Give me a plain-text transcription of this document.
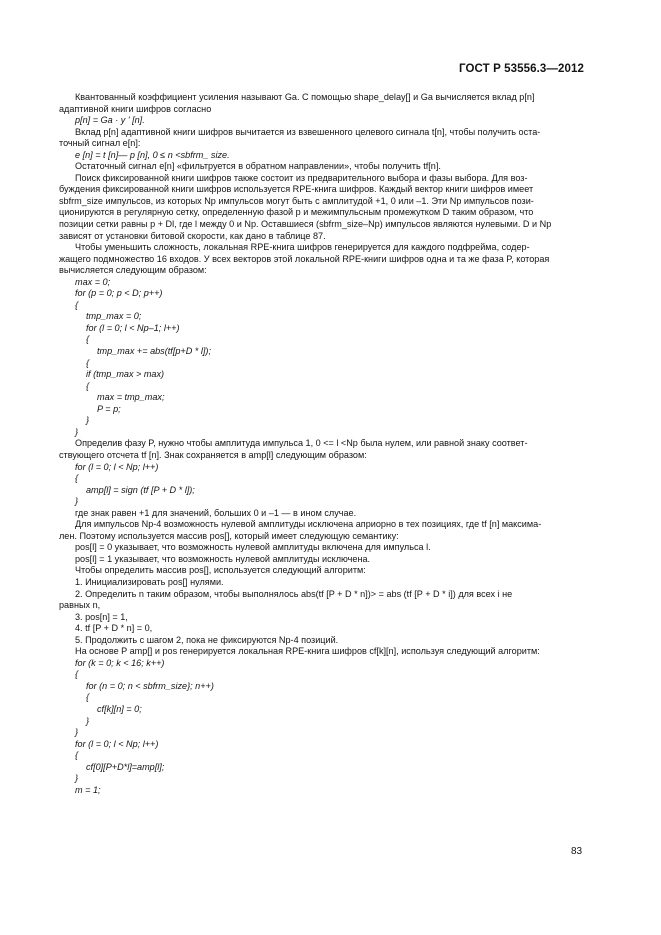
ГОСТ Р 53556.3—2012
Квантованный коэффициент усиления называют Ga. С помощью shape_delay[] и Ga вычисляется вклад p[n]
адаптивной книги шифров согласно
p[n] = Ga · y ' [n].
Вклад p[n] адаптивной книги шифров вычитается из взвешенного целевого сигнала t[n], чтобы получить оста-
точный сигнал e[n]:
e [n] = t [n]— p [n], 0 ≤ n <sbfrm_ size.
Остаточный сигнал e[n] «фильтруется в обратном направлении», чтобы получить tf[n].
Поиск фиксированной книги шифров также состоит из предварительного выбора и фазы выбора. Для воз-
буждения фиксированной книги шифров используется RPE-книга шифров. Каждый вектор книги шифров имеет
sbfrm_size импульсов, из которых Np импульсов могут быть с амплитудой +1, 0 или –1. Эти Np импульсов пози-
ционируются в регулярную сетку, определенную фазой p и межимпульсным промежутком D таким образом, что
позиции сетки равны p + Dl, где l между 0 и Np. Оставшиеся (sbfrm_size–Np) импульсов являются нулевыми. D и Np
зависят от установки битовой скорости, как дано в таблице 87.
Чтобы уменьшить сложность, локальная RPE-книга шифров генерируется для каждого подфрейма, содер-
жащего подмножество 16 входов. У всех векторов этой локальной RPE-книги шифров одна и та же фаза P, которая
вычисляется следующим образом:
max = 0;
for (p = 0; p < D; p++)
{
tmp_max = 0;
for (l = 0; l < Np–1; l++)
{
tmp_max += abs(tf[p+D * l]);
{
if (tmp_max > max)
{
max = tmp_max;
P = p;
}
}
Определив фазу P, нужно чтобы амплитуда импульса 1, 0 <= l <Np была нулем, или равной знаку соответ-
ствующего отсчета tf [n]. Знак сохраняется в amp[l] следующим образом:
for (l = 0; l < Np; l++)
{
amp[l] = sign (tf [P + D * l]);
}
где знак равен +1 для значений, больших 0 и –1 — в ином случае.
Для импульсов Np-4 возможность нулевой амплитуды исключена априорно в тех позициях, где tf [n] максима-
лен. Поэтому используется массив pos[], который имеет следующую семантику:
pos[l] = 0 указывает, что возможность нулевой амплитуды включена для импульса l.
pos[l] = 1 указывает, что возможность нулевой амплитуды исключена.
Чтобы определить массив pos[], используется следующий алгоритм:
1. Инициализировать pos[] нулями.
2. Определить n таким образом, чтобы выполнялось abs(tf [P + D * n])> = abs (tf [P + D * i]) для всех i не
равных n,
3. pos[n] = 1,
4. tf [P + D * n] = 0,
5. Продолжить с шагом 2, пока не фиксируются Np-4 позиций.
На основе P amp[] и pos генерируется локальная RPE-книга шифров cf[k][n], используя следующий алгоритм:
for (k = 0; k < 16; k++)
{
for (n = 0; n < sbfrm_size}; n++)
{
cf[k][n] = 0;
}
}
for (l = 0; l < Np; l++)
{
cf[0][P+D*l]=amp[l];
}
m = 1;
83
